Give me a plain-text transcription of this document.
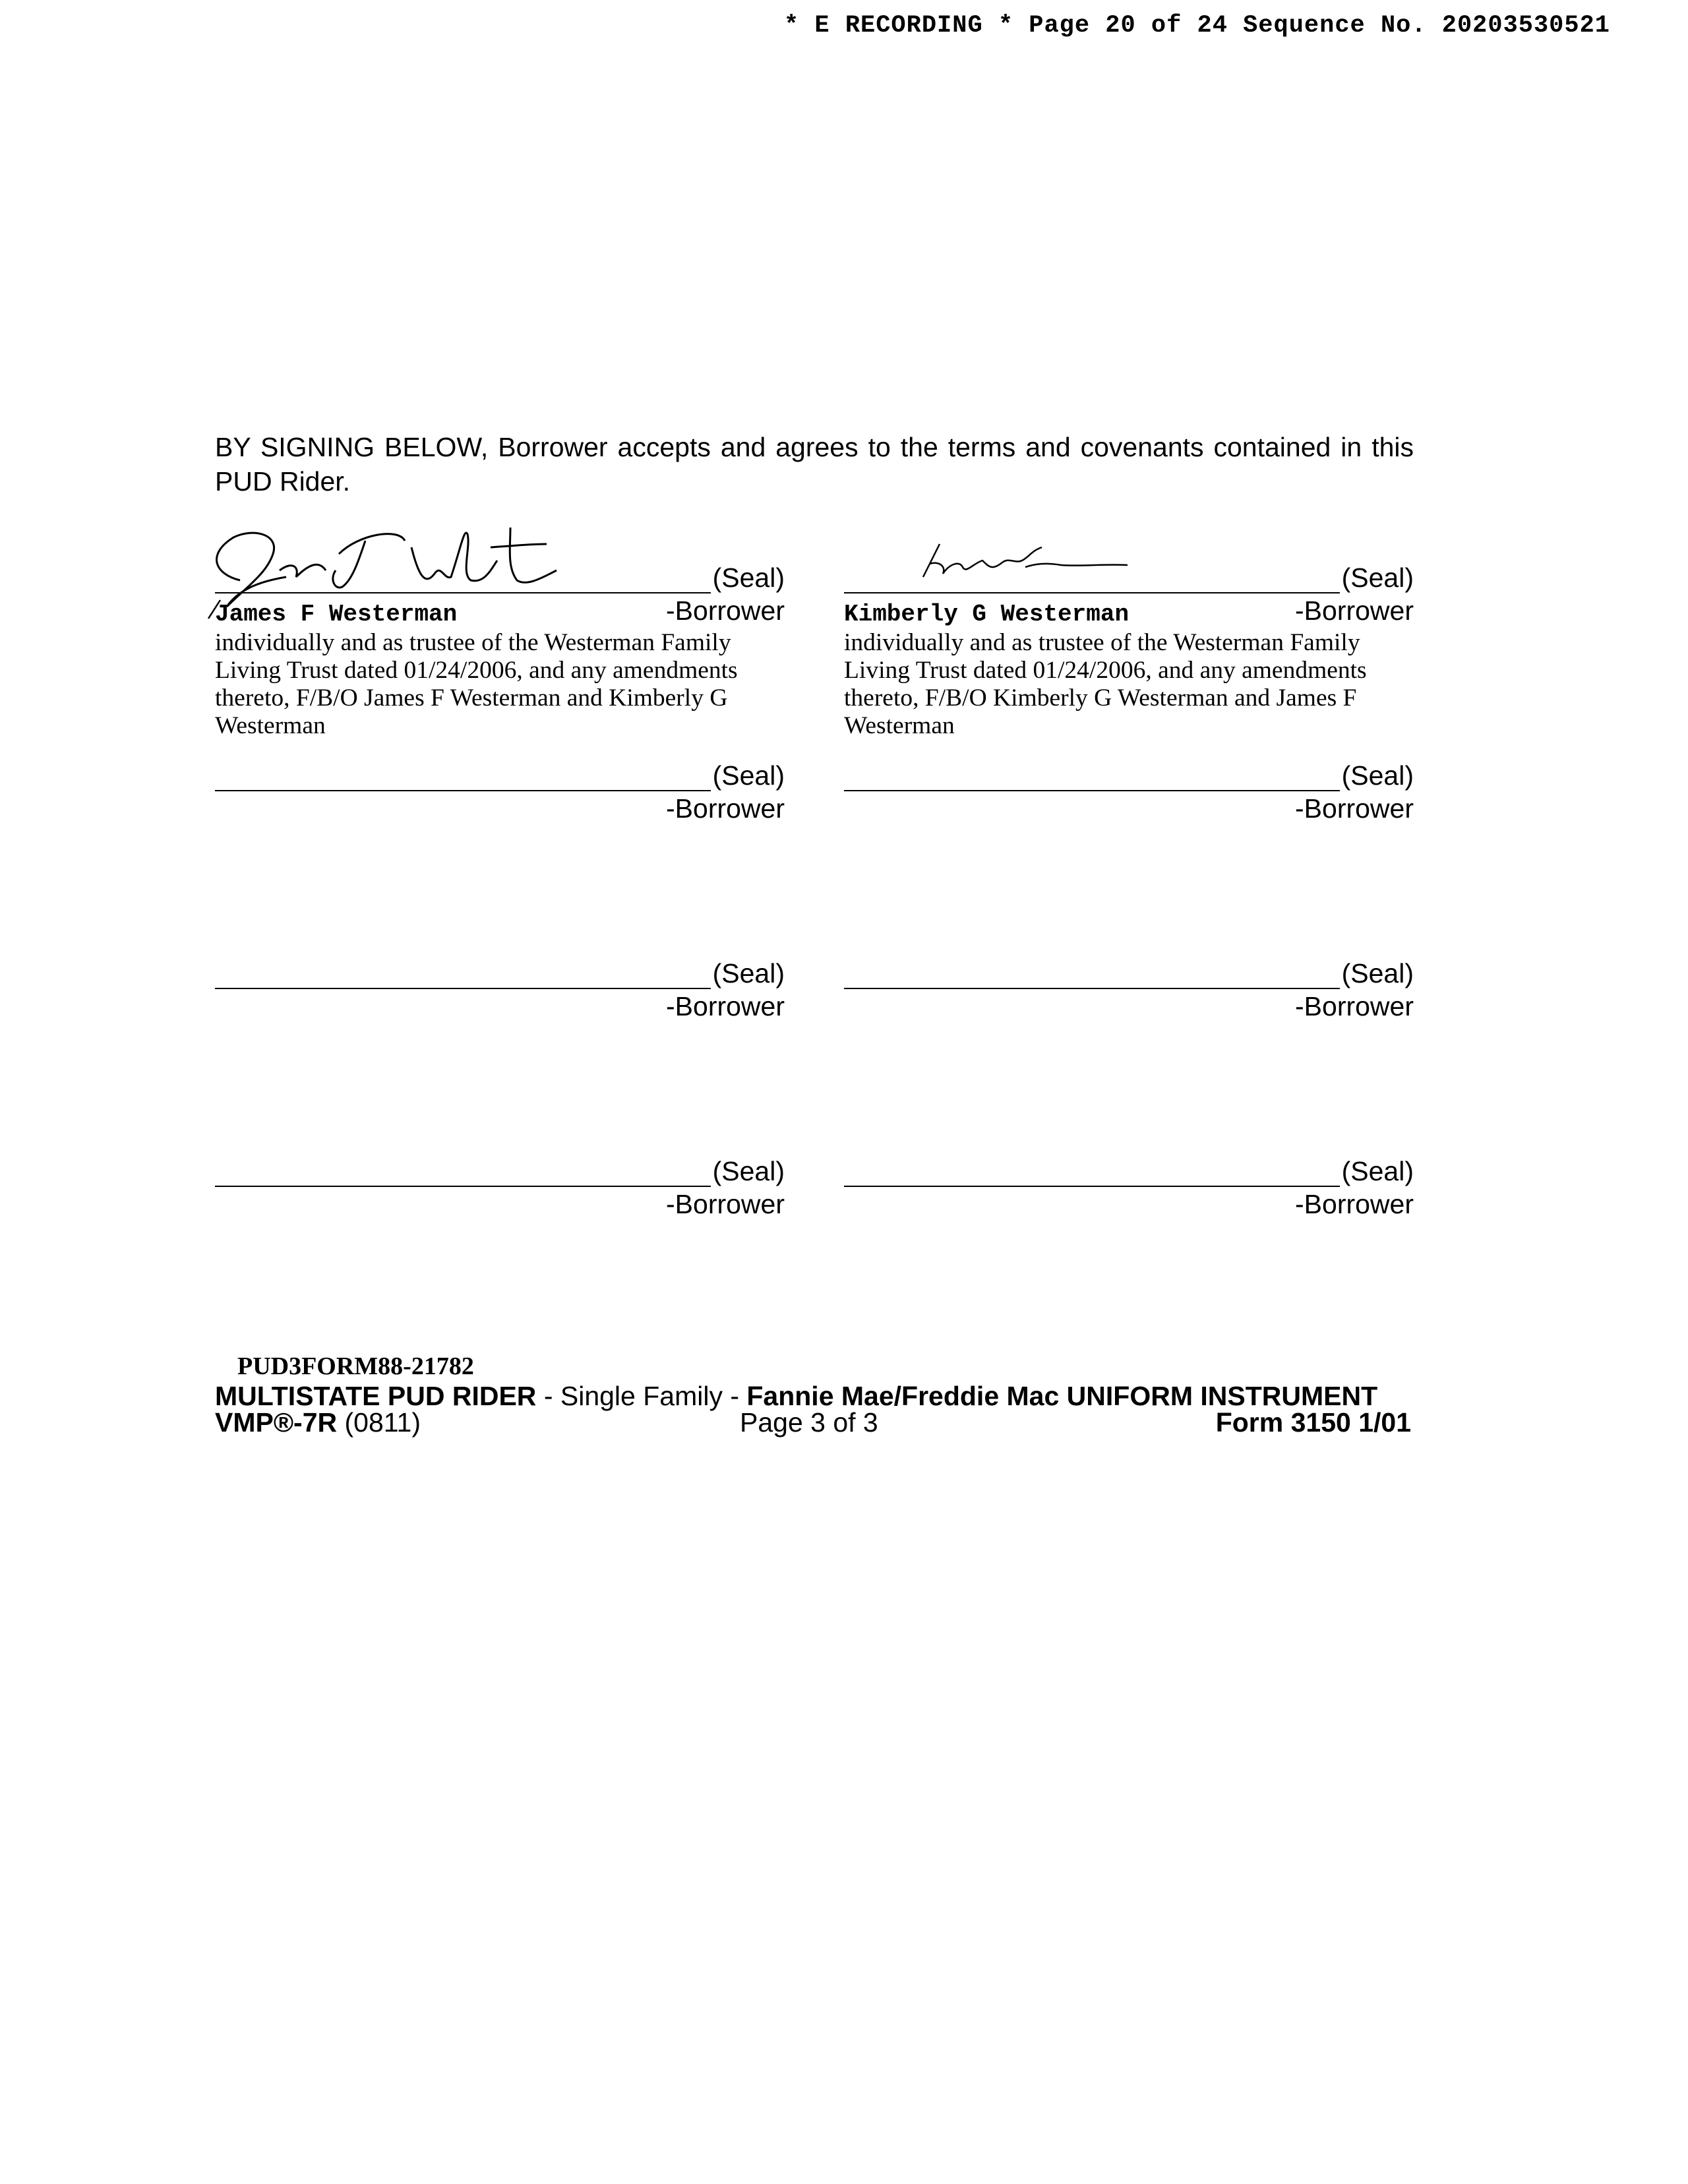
* E RECORDING * Page 20 of 24 Sequence No. 20203530521
BY SIGNING BELOW, Borrower accepts and agrees to the terms and covenants contained in this PUD Rider.
(Seal)
James F Westerman	-Borrower
individually and as trustee of the Westerman Family Living Trust dated 01/24/2006, and any amendments thereto, F/B/O James F Westerman and Kimberly G Westerman
(Seal)
Kimberly G Westerman	-Borrower
individually and as trustee of the Westerman Family Living Trust dated 01/24/2006, and any amendments thereto, F/B/O Kimberly G Westerman and James F Westerman
(Seal)
-Borrower
(Seal)
-Borrower
(Seal)
-Borrower
(Seal)
-Borrower
(Seal)
-Borrower
(Seal)
-Borrower
PUD3FORM88-21782
MULTISTATE PUD RIDER - Single Family - Fannie Mae/Freddie Mac UNIFORM INSTRUMENT
VMP®-7R (0811)	Page 3 of 3	Form 3150 1/01
